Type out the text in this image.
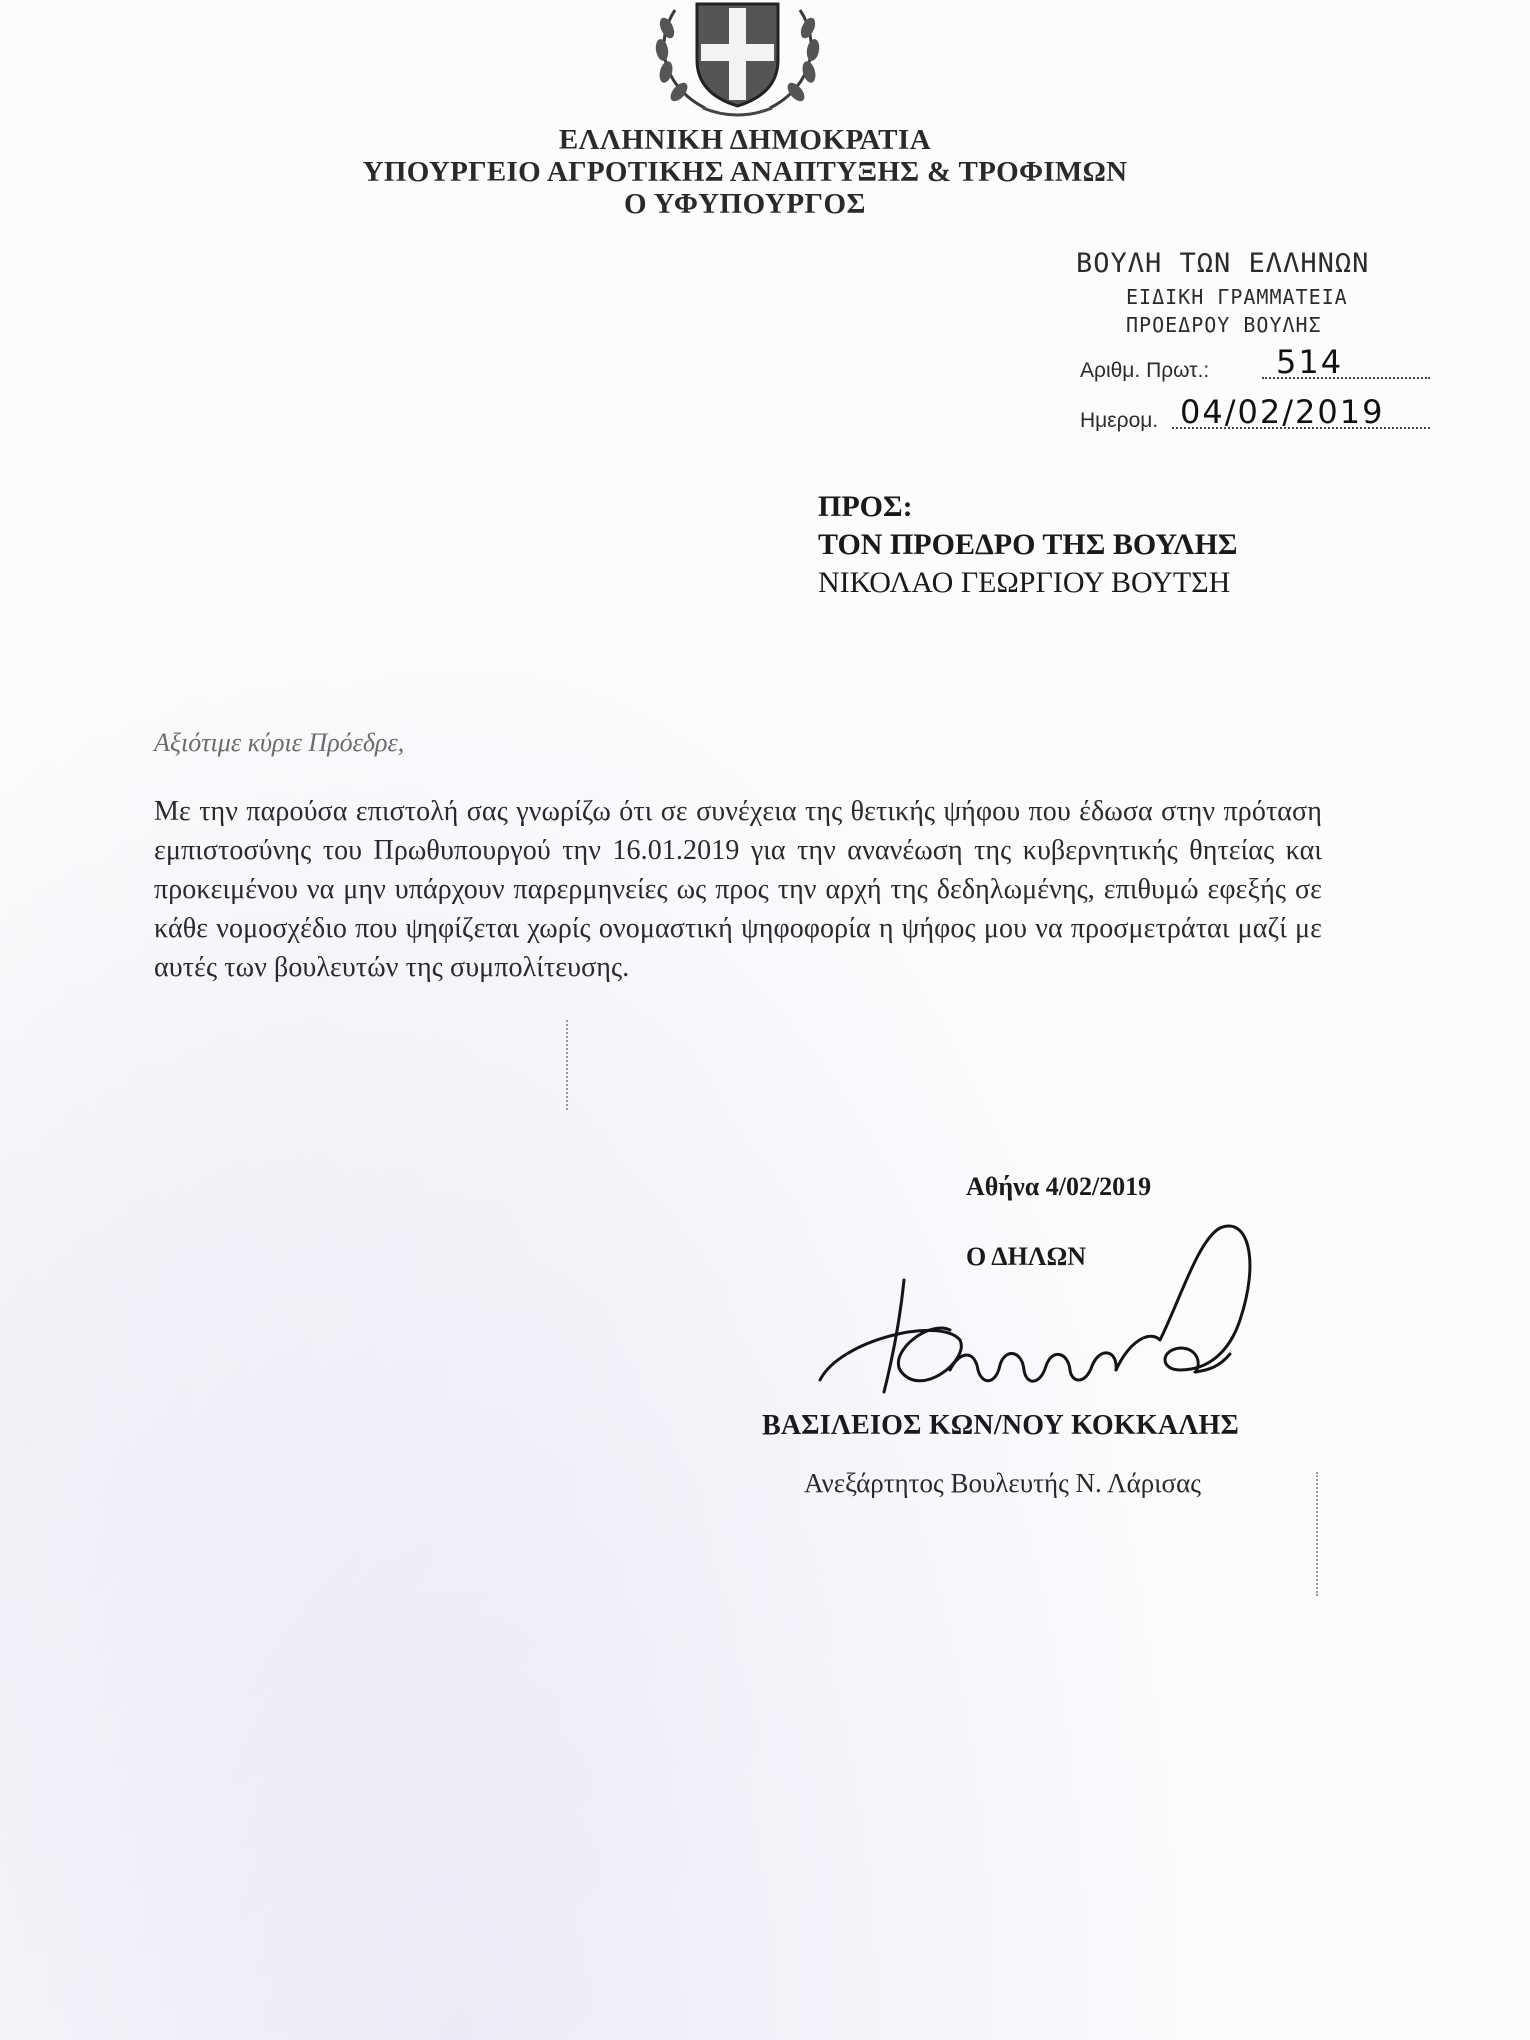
ΕΛΛΗΝΙΚΗ ΔΗΜΟΚΡΑΤΙΑ
ΥΠΟΥΡΓΕΙΟ ΑΓΡΟΤΙΚΗΣ ΑΝΑΠΤΥΞΗΣ & ΤΡΟΦΙΜΩΝ
Ο ΥΦΥΠΟΥΡΓΟΣ
ΒΟΥΛΗ ΤΩΝ ΕΛΛΗΝΩΝ
ΕΙΔΙΚΗ ΓΡΑΜΜΑΤΕΙΑ
ΠΡΟΕΔΡΟΥ ΒΟΥΛΗΣ
Αριθμ. Πρωτ.: 514
Ημερομ. 04/02/2019
ΠΡΟΣ:
ΤΟΝ ΠΡΟΕΔΡΟ ΤΗΣ ΒΟΥΛΗΣ
ΝΙΚΟΛΑΟ ΓΕΩΡΓΙΟΥ ΒΟΥΤΣΗ
Αξιότιμε κύριε Πρόεδρε,
Με την παρούσα επιστολή σας γνωρίζω ότι σε συνέχεια της θετικής ψήφου που έδωσα στην πρόταση εμπιστοσύνης του Πρωθυπουργού την 16.01.2019 για την ανανέωση της κυβερνητικής θητείας και προκειμένου να μην υπάρχουν παρερμηνείες ως προς την αρχή της δεδηλωμένης, επιθυμώ εφεξής σε κάθε νομοσχέδιο που ψηφίζεται χωρίς ονομαστική ψηφοφορία η ψήφος μου να προσμετράται μαζί με αυτές των βουλευτών της συμπολίτευσης.
Αθήνα 4/02/2019
Ο ΔΗΛΩΝ
ΒΑΣΙΛΕΙΟΣ ΚΩΝ/ΝΟΥ ΚΟΚΚΑΛΗΣ
Ανεξάρτητος Βουλευτής Ν. Λάρισας
